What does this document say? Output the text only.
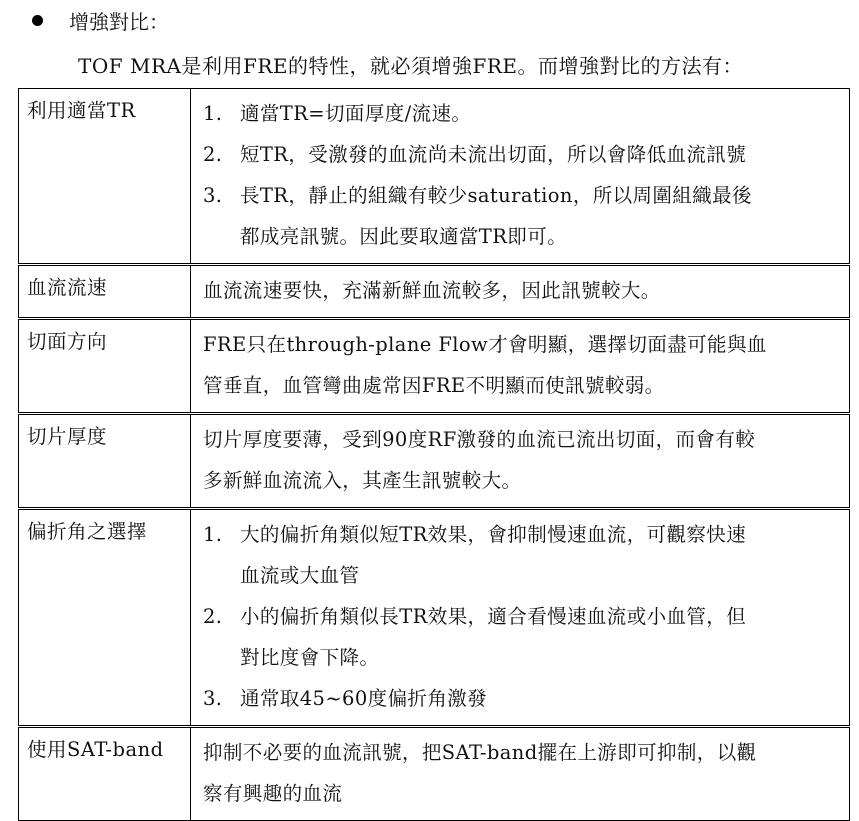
增強對比：
TOF MRA是利用FRE的特性，就必須增強FRE。而增強對比的方法有：
利用適當TR	1. 適當TR=切面厚度/流速。
2. 短TR，受激發的血流尚未流出切面，所以會降低血流訊號
3. 長TR，靜止的組織有較少saturation，所以周圍組織最後
都成亮訊號。因此要取適當TR即可。

血流流速	血流流速要快，充滿新鮮血流較多，因此訊號較大。

切面方向	FRE只在through-plane Flow才會明顯，選擇切面盡可能與血
管垂直，血管彎曲處常因FRE不明顯而使訊號較弱。

切片厚度	切片厚度要薄，受到90度RF激發的血流已流出切面，而會有較
多新鮮血流流入，其產生訊號較大。

偏折角之選擇	1. 大的偏折角類似短TR效果，會抑制慢速血流，可觀察快速
血流或大血管
2. 小的偏折角類似長TR效果，適合看慢速血流或小血管，但
對比度會下降。
3. 通常取45~60度偏折角激發

使用SAT-band	抑制不必要的血流訊號，把SAT-band擺在上游即可抑制，以觀
察有興趣的血流
